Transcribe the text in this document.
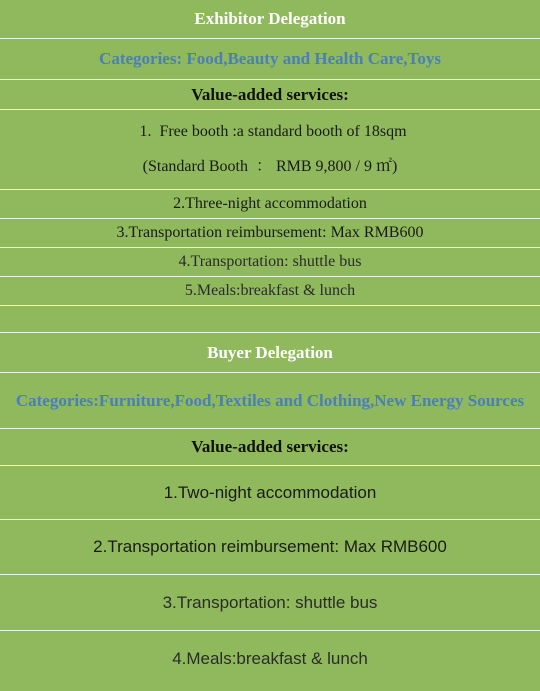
Exhibitor Delegation
Categories: Food,Beauty and Health Care,Toys
Value-added services:
1.  Free booth :a standard booth of 18sqm
(Standard Booth  ： RMB 9,800 / 9 ㎡)
2.Three-night accommodation
3.Transportation reimbursement: Max RMB600
4.Transportation: shuttle bus
5.Meals:breakfast & lunch
Buyer Delegation
Categories:Furniture,Food,Textiles and Clothing,New Energy Sources
Value-added services:
1.Two-night accommodation
2.Transportation reimbursement: Max RMB600
3.Transportation: shuttle bus
4.Meals:breakfast & lunch
